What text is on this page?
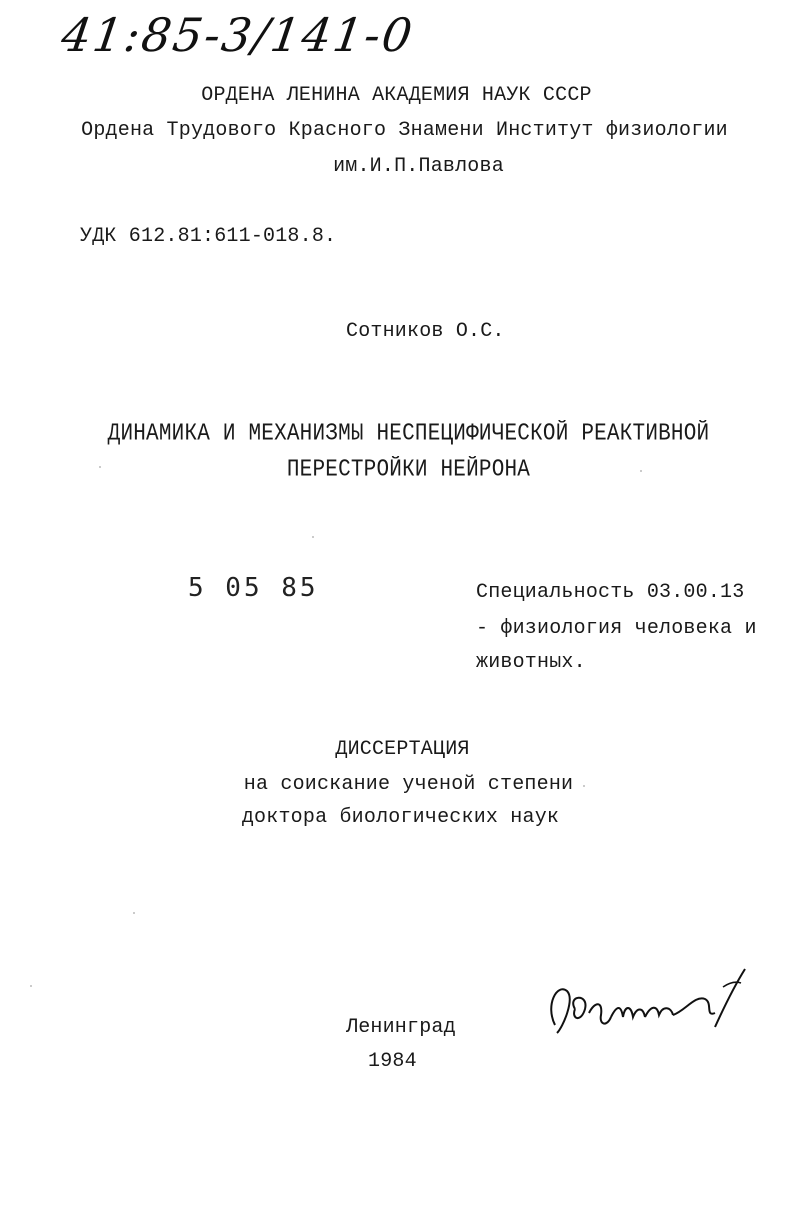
41:85-3/141-0
ОРДЕНА ЛЕНИНА АКАДЕМИЯ НАУК СССР
Ордена Трудового Красного Знамени Институт физиологии
им.И.П.Павлова
УДК 612.81:611-018.8.
Сотников О.С.
ДИНАМИКА И МЕХАНИЗМЫ НЕСПЕЦИФИЧЕСКОЙ РЕАКТИВНОЙ
ПЕРЕСТРОЙКИ НЕЙРОНА
5 05 85	Специальность 03.00.13
- физиология человека и
животных.
ДИССЕРТАЦИЯ
на соискание ученой степени
доктора биологических наук
Ленинград
1984
